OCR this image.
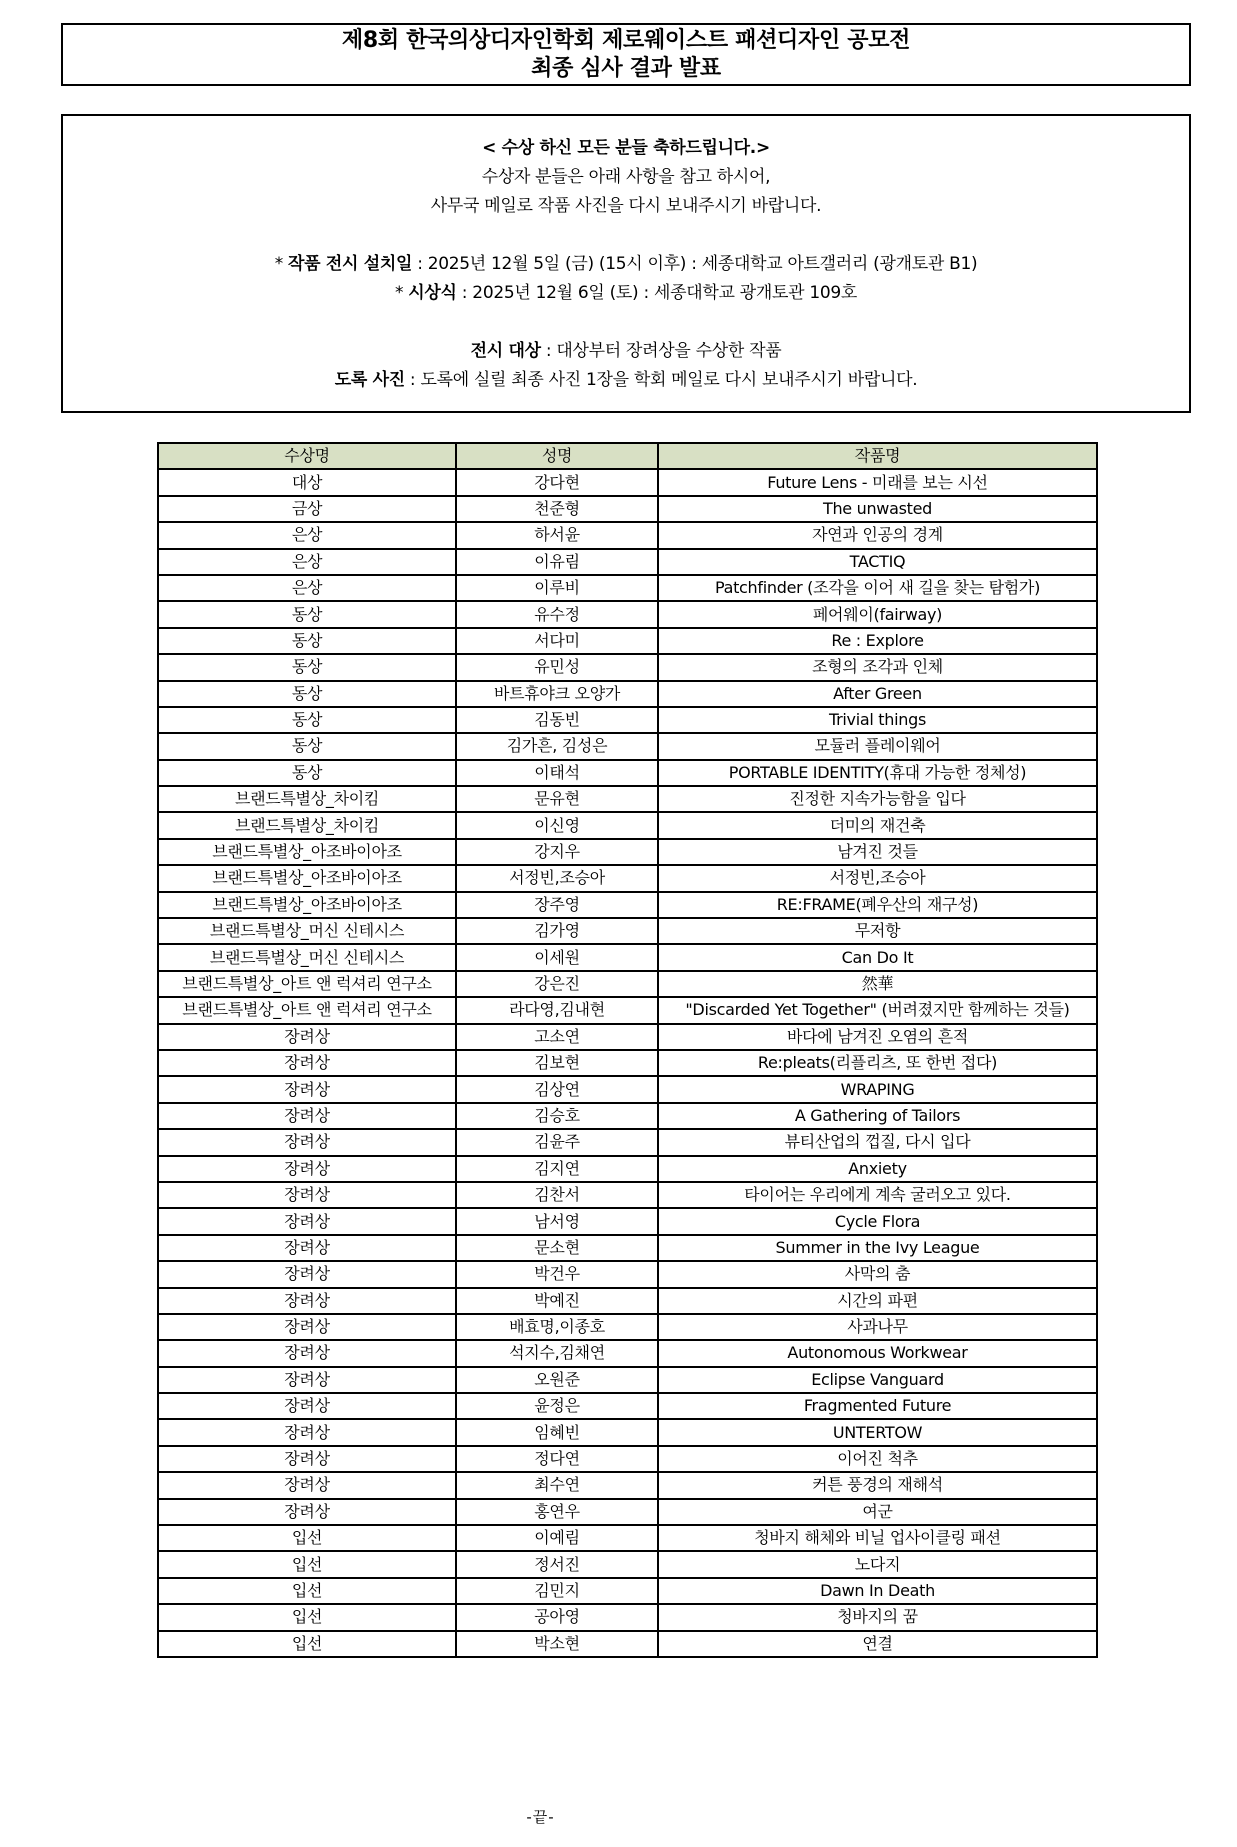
제8회 한국의상디자인학회 제로웨이스트 패션디자인 공모전
최종 심사 결과 발표
< 수상 하신 모든 분들 축하드립니다.>
수상자 분들은 아래 사항을 참고 하시어,
사무국 메일로 작품 사진을 다시 보내주시기 바랍니다.
* 작품 전시 설치일 : 2025년 12월 5일 (금) (15시 이후) : 세종대학교 아트갤러리 (광개토관 B1)
* 시상식 : 2025년 12월 6일 (토) : 세종대학교 광개토관 109호
전시 대상 : 대상부터 장려상을 수상한 작품
도록 사진 : 도록에 실릴 최종 사진 1장을 학회 메일로 다시 보내주시기 바랍니다.
수상명	성명	작품명
대상	강다현	Future Lens - 미래를 보는 시선
금상	천준형	The unwasted
은상	하서윤	자연과 인공의 경계
은상	이유림	TACTIQ
은상	이루비	Patchfinder (조각을 이어 새 길을 찾는 탐험가)
동상	유수정	페어웨이(fairway)
동상	서다미	Re : Explore
동상	유민성	조형의 조각과 인체
동상	바트휴야크 오양가	After Green
동상	김동빈	Trivial things
동상	김가흔, 김성은	모듈러 플레이웨어
동상	이태석	PORTABLE IDENTITY(휴대 가능한 정체성)
브랜드특별상_차이킴	문유현	진정한 지속가능함을 입다
브랜드특별상_차이킴	이신영	더미의 재건축
브랜드특별상_아조바이아조	강지우	남겨진 것들
브랜드특별상_아조바이아조	서정빈,조승아	서정빈,조승아
브랜드특별상_아조바이아조	장주영	RE:FRAME(폐우산의 재구성)
브랜드특별상_머신 신테시스	김가영	무저항
브랜드특별상_머신 신테시스	이세원	Can Do It
브랜드특별상_아트 앤 럭셔리 연구소	강은진	然華
브랜드특별상_아트 앤 럭셔리 연구소	라다영,김내현	"Discarded Yet Together" (버려졌지만 함께하는 것들)
장려상	고소연	바다에 남겨진 오염의 흔적
장려상	김보현	Re:pleats(리플리츠, 또 한번 접다)
장려상	김상연	WRAPING
장려상	김승호	A Gathering of Tailors
장려상	김윤주	뷰티산업의 껍질, 다시 입다
장려상	김지연	Anxiety
장려상	김찬서	타이어는 우리에게 계속 굴러오고 있다.
장려상	남서영	Cycle Flora
장려상	문소현	Summer in the Ivy League
장려상	박건우	사막의 춤
장려상	박예진	시간의 파편
장려상	배효명,이종호	사과나무
장려상	석지수,김채연	Autonomous Workwear
장려상	오원준	Eclipse Vanguard
장려상	윤정은	Fragmented Future
장려상	임혜빈	UNTERTOW
장려상	정다연	이어진 척추
장려상	최수연	커튼 풍경의 재해석
장려상	홍연우	여군
입선	이예림	청바지 해체와 비닐 업사이클링 패션
입선	정서진	노다지
입선	김민지	Dawn In Death
입선	공아영	청바지의 꿈
입선	박소현	연결
-끝-
